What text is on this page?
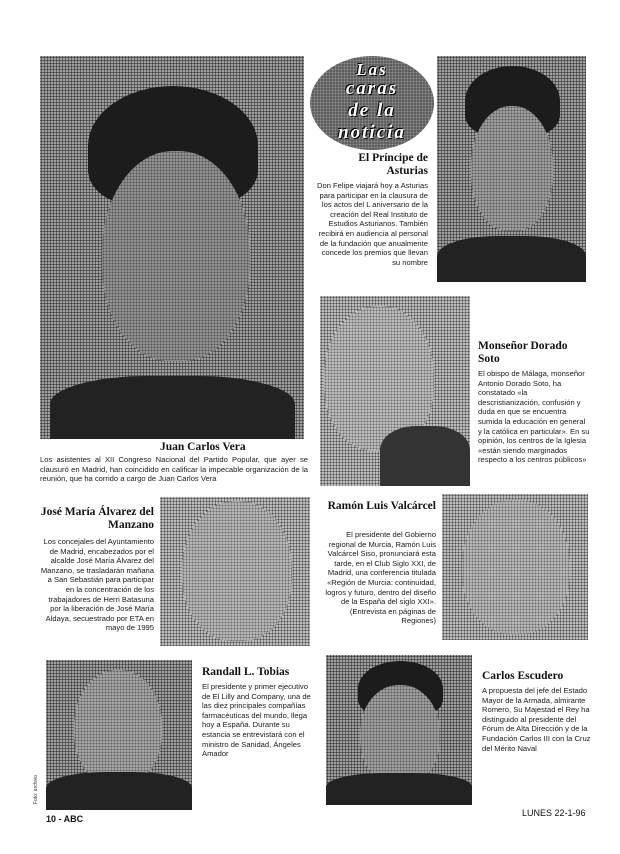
Juan Carlos Vera
Los asistentes al XII Congreso Nacional del Partido Popular, que ayer se clausuró en Madrid, han coincidido en calificar la impecable organización de la reunión, que ha corrido a cargo de Juan Carlos Vera
Las
caras
de la
noticia
El Príncipe de Asturias
Don Felipe viajará hoy a Asturias para participar en la clausura de los actos del L aniversario de la creación del Real Instituto de Estudios Asturianos. También recibirá en audiencia al personal de la fundación que anualmente concede los premios que llevan su nombre
Monseñor Dorado Soto
El obispo de Málaga, monseñor Antonio Dorado Soto, ha constatado «la descristianización, confusión y duda en que se encuentra sumida la educación en general y la católica en particular». En su opinión, los centros de la Iglesia «están siendo marginados respecto a los centros públicos»
José María Álvarez del Manzano
Los concejales del Ayuntamiento de Madrid, encabezados por el alcalde José María Álvarez del Manzano, se trasladarán mañana a San Sebastián para participar en la concentración de los trabajadores de Herri Batasuna por la liberación de José María Aldaya, secuestrado por ETA en mayo de 1995
Ramón Luis Valcárcel
El presidente del Gobierno regional de Murcia, Ramón Luis Valcárcel Siso, pronunciará esta tarde, en el Club Siglo XXI, de Madrid, una conferencia titulada «Región de Murcia: continuidad, logros y futuro, dentro del diseño de la España del siglo XXI». (Entrevista en páginas de Regiones)
Randall L. Tobias
El presidente y primer ejecutivo de El Lilly and Company, una de las diez principales compañías farmacéuticas del mundo, llega hoy a España. Durante su estancia se entrevistará con el ministro de Sanidad, Ángeles Amador
Carlos Escudero
A propuesta del jefe del Estado Mayor de la Armada, almirante Romero, Su Majestad el Rey ha distinguido al presidente del Fórum de Alta Dirección y de la Fundación Carlos III con la Cruz del Mérito Naval
Foto: archivo
10 - ABC
LUNES 22-1-96
